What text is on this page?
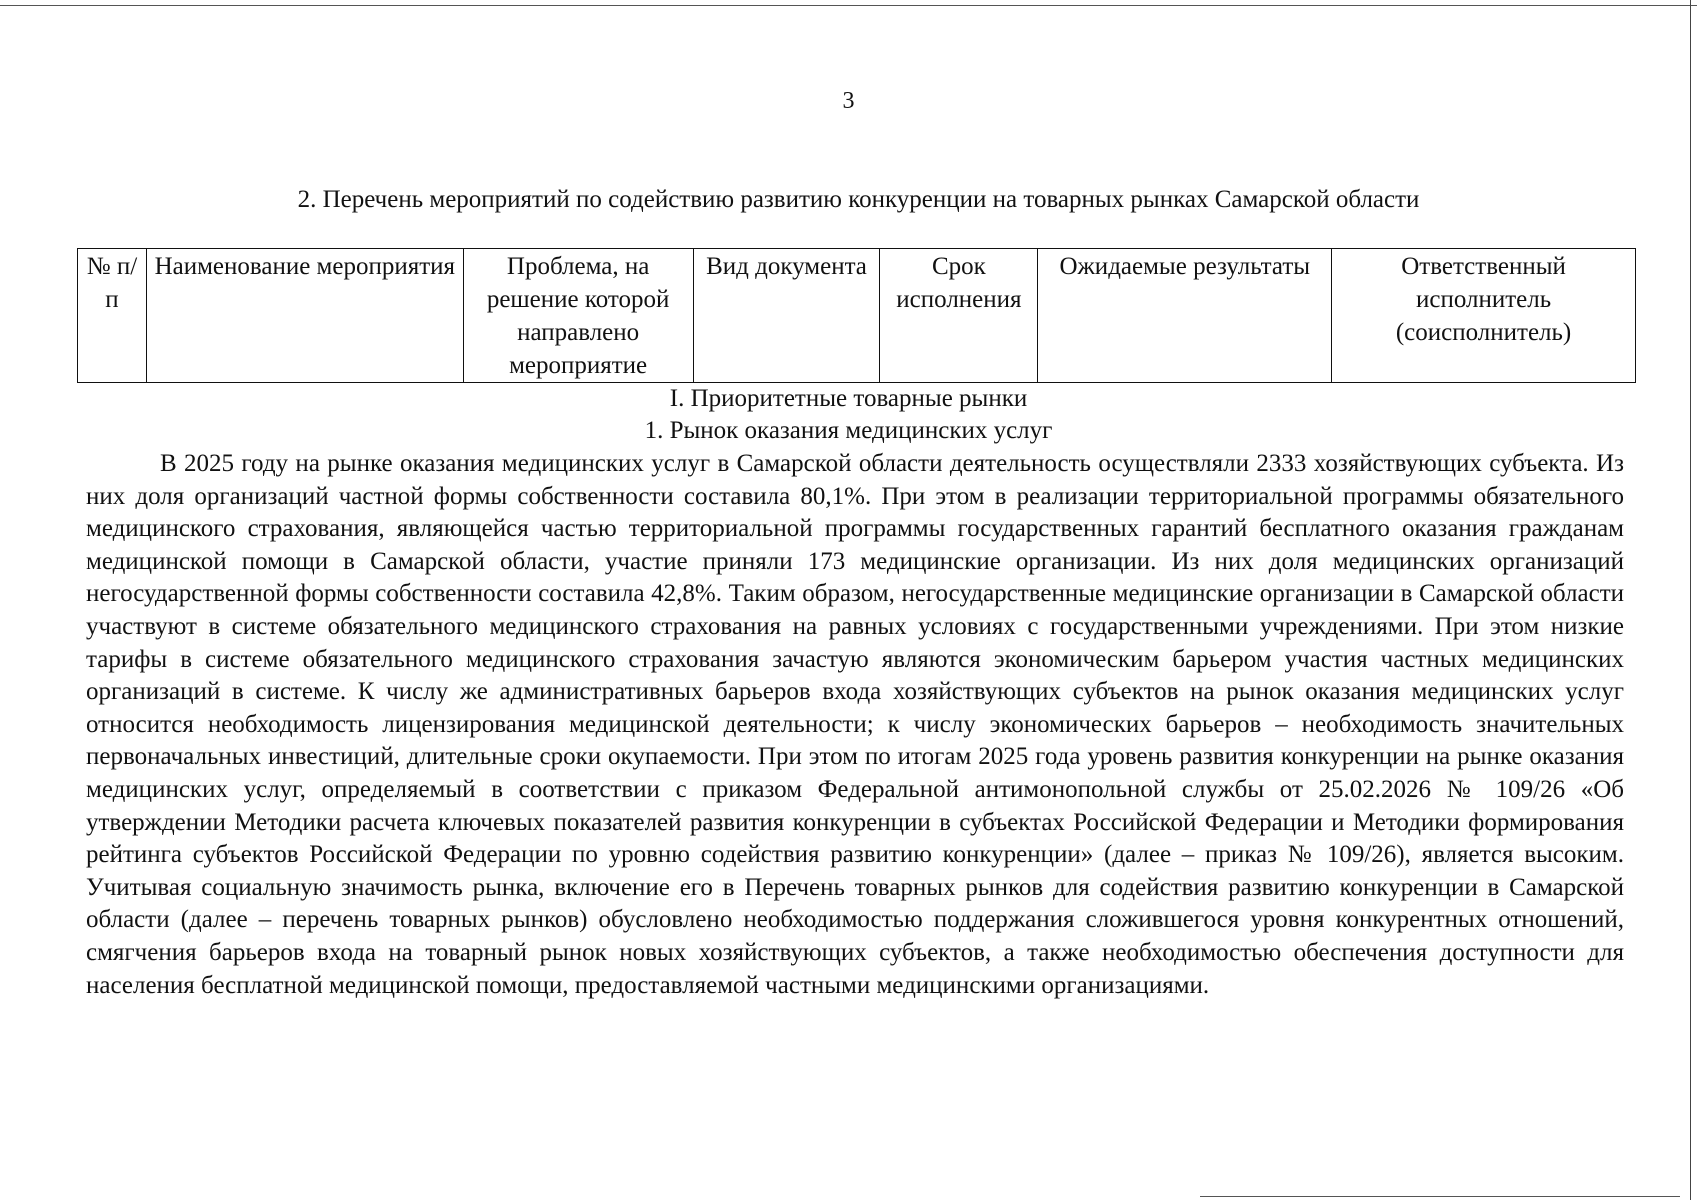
3
2. Перечень мероприятий по содействию развитию конкуренции на товарных рынках Самарской области
№ п/п	Наименование мероприятия	Проблема, на решение которой направлено мероприятие	Вид документа	Срок исполнения	Ожидаемые результаты	Ответственный исполнитель (соисполнитель)
I. Приоритетные товарные рынки
1. Рынок оказания медицинских услуг

В 2025 году на рынке оказания медицинских услуг в Самарской области деятельность осуществляли 2333 хозяйствующих субъекта. Из них доля организаций частной формы собственности составила 80,1%. При этом в реализации территориальной программы обязательного медицинского страхования, являющейся частью территориальной программы государственных гарантий бесплатного оказания гражданам медицинской помощи в Самарской области, участие приняли 173 медицинские организации. Из них доля медицинских организаций негосударственной формы собственности составила 42,8%. Таким образом, негосударственные медицинские организации в Самарской области участвуют в системе обязательного медицинского страхования на равных условиях с государственными учреждениями. При этом низкие тарифы в системе обязательного медицинского страхования зачастую являются экономическим барьером участия частных медицинских организаций в системе. К числу же административных барьеров входа хозяйствующих субъектов на рынок оказания медицинских услуг относится необходимость лицензирования медицинской деятельности; к числу экономических барьеров – необходимость значительных первоначальных инвестиций, длительные сроки окупаемости. При этом по итогам 2025 года уровень развития конкуренции на рынке оказания медицинских услуг, определяемый в соответствии с приказом Федеральной антимонопольной службы от 25.02.2026 № 109/26 «Об утверждении Методики расчета ключевых показателей развития конкуренции в субъектах Российской Федерации и Методики формирования рейтинга субъектов Российской Федерации по уровню содействия развитию конкуренции» (далее – приказ № 109/26), является высоким. Учитывая социальную значимость рынка, включение его в Перечень товарных рынков для содействия развитию конкуренции в Самарской области (далее – перечень товарных рынков) обусловлено необходимостью поддержания сложившегося уровня конкурентных отношений, смягчения барьеров входа на товарный рынок новых хозяйствующих субъектов, а также необходимостью обеспечения доступности для населения бесплатной медицинской помощи, предоставляемой частными медицинскими организациями.
